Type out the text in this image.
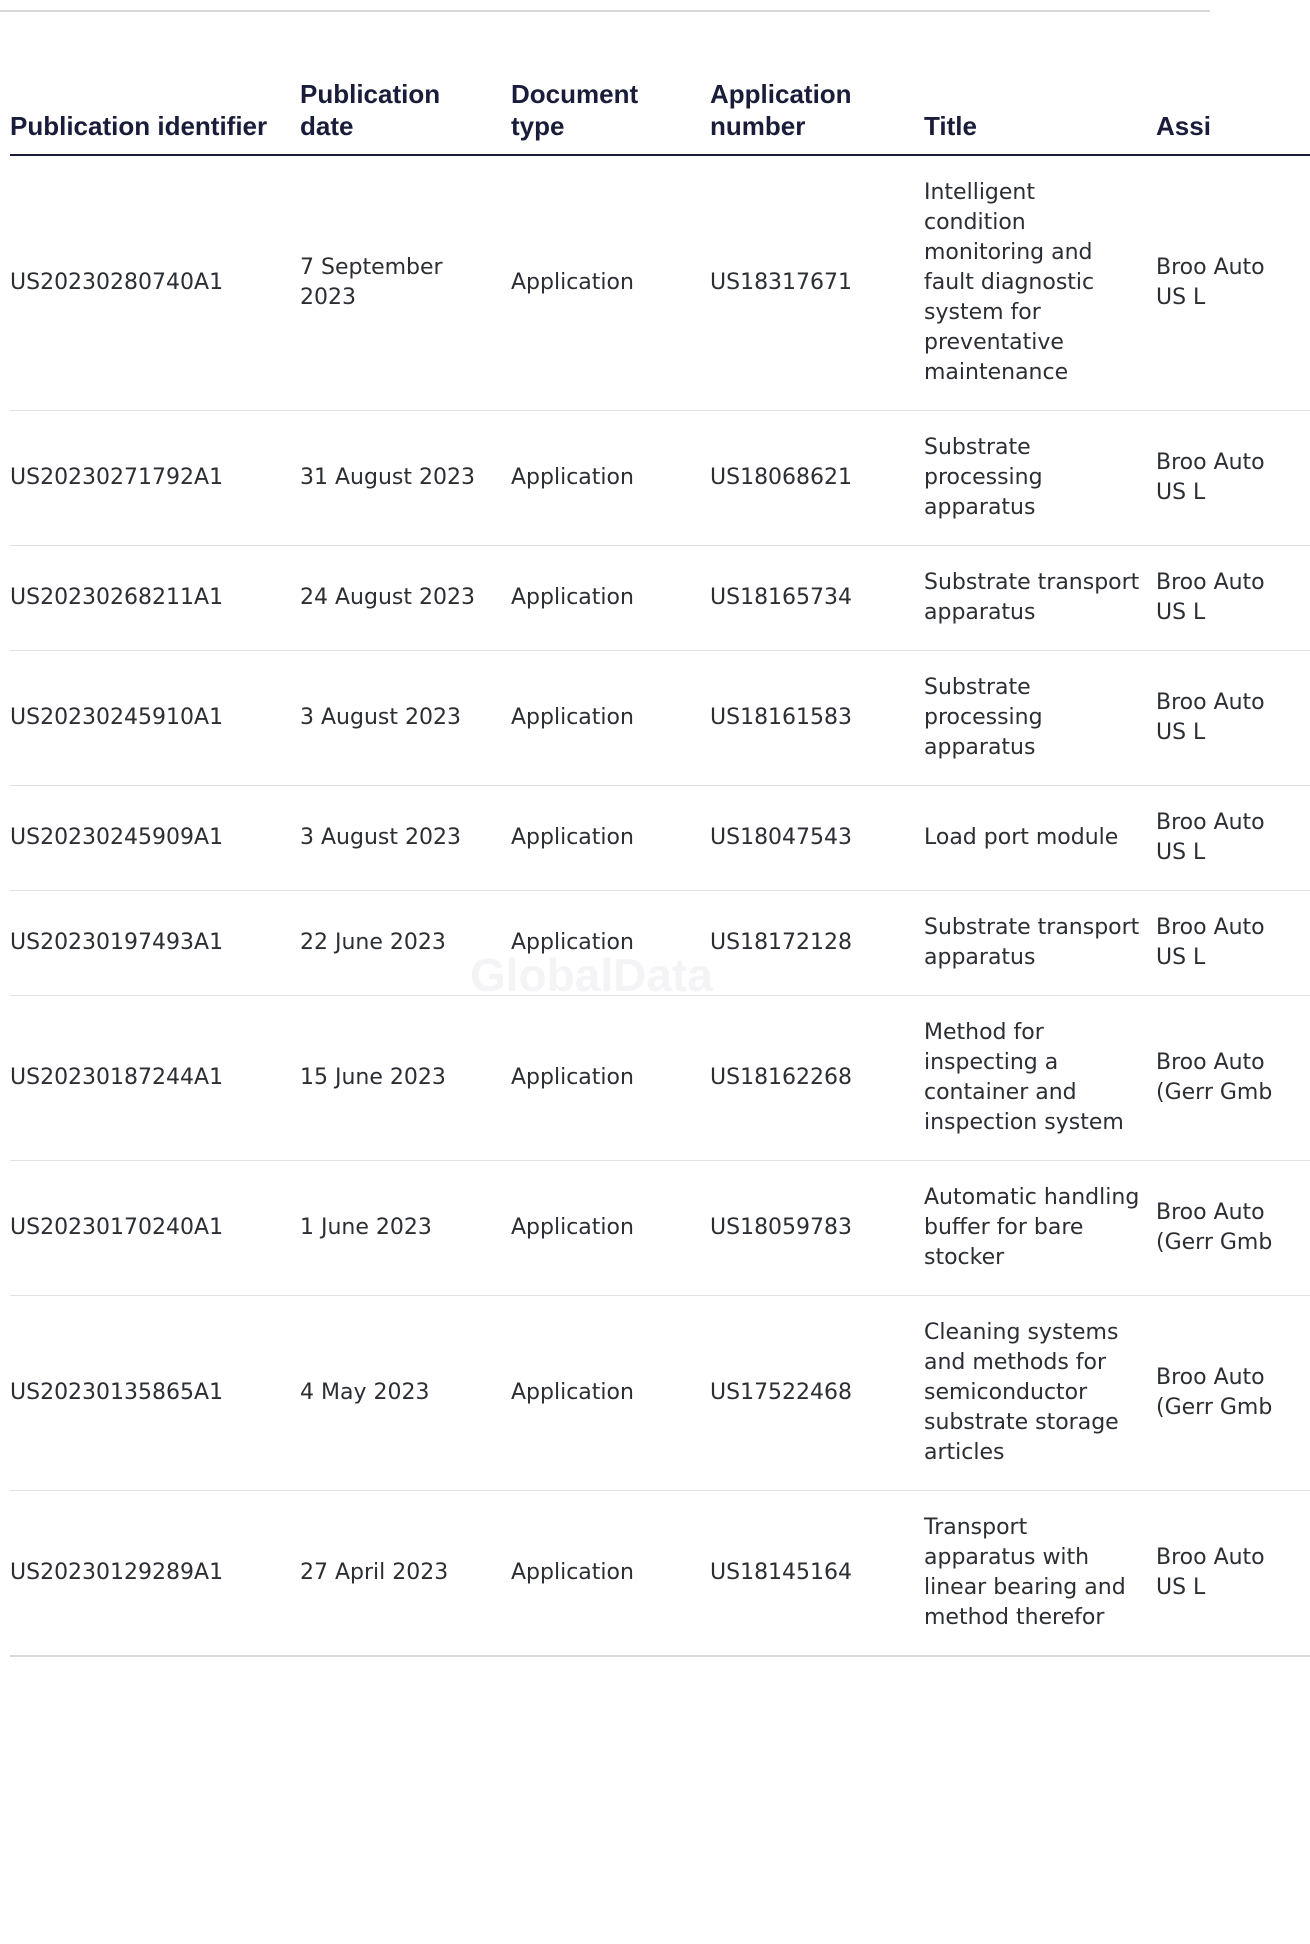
Publication identifier	Publication date	Document type	Application number	Title	Assi
US20230280740A1	7 September 2023	Application	US18317671	Intelligent condition monitoring and fault diagnostic system for preventative maintenance	Broo Auto US L
US20230271792A1	31 August 2023	Application	US18068621	Substrate processing apparatus	Broo Auto US L
US20230268211A1	24 August 2023	Application	US18165734	Substrate transport apparatus	Broo Auto US L
US20230245910A1	3 August 2023	Application	US18161583	Substrate processing apparatus	Broo Auto US L
US20230245909A1	3 August 2023	Application	US18047543	Load port module	Broo Auto US L
US20230197493A1	22 June 2023	Application	US18172128	Substrate transport apparatus	Broo Auto US L
US20230187244A1	15 June 2023	Application	US18162268	Method for inspecting a container and inspection system	Broo Auto (Gerr Gmb
US20230170240A1	1 June 2023	Application	US18059783	Automatic handling buffer for bare stocker	Broo Auto (Gerr Gmb
US20230135865A1	4 May 2023	Application	US17522468	Cleaning systems and methods for semiconductor substrate storage articles	Broo Auto (Gerr Gmb
US20230129289A1	27 April 2023	Application	US18145164	Transport apparatus with linear bearing and method therefor	Broo Auto US L
GlobalData
